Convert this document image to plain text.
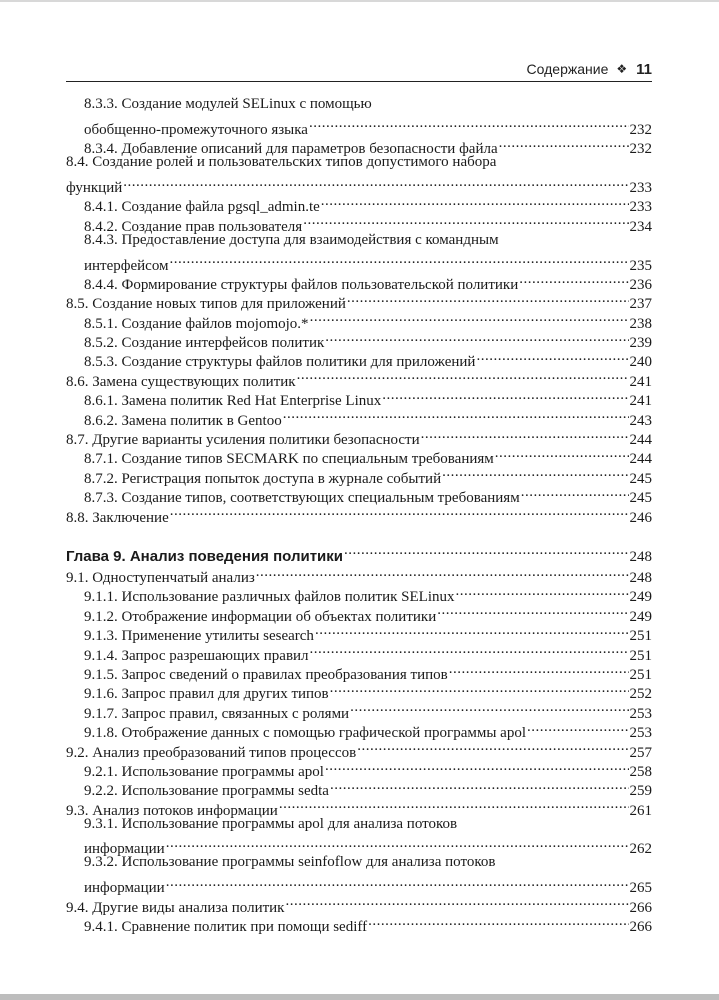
Содержание ❖ 11
8.3.3. Создание модулей SELinux с помощью
обобщенно-промежуточного языка .....	232
8.3.4. Добавление описаний для параметров безопасности файла .....	232
8.4. Создание ролей и пользовательских типов допустимого набора
функций .....	233
8.4.1. Создание файла pgsql_admin.te .....	233
8.4.2. Создание прав пользователя .....	234
8.4.3. Предоставление доступа для взаимодействия с командным
интерфейсом .....	235
8.4.4. Формирование структуры файлов пользовательской политики .....	236
8.5. Создание новых типов для приложений .....	237
8.5.1. Создание файлов mojomojo.* .....	238
8.5.2. Создание интерфейсов политик .....	239
8.5.3. Создание структуры файлов политики для приложений .....	240
8.6. Замена существующих политик .....	241
8.6.1. Замена политик Red Hat Enterprise Linux .....	241
8.6.2. Замена политик в Gentoo .....	243
8.7. Другие варианты усиления политики безопасности .....	244
8.7.1. Создание типов SECMARK по специальным требованиям .....	244
8.7.2. Регистрация попыток доступа в журнале событий .....	245
8.7.3. Создание типов, соответствующих специальным требованиям .....	245
8.8. Заключение .....	246
Глава 9. Анализ поведения политики .....	248
9.1. Одноступенчатый анализ .....	248
9.1.1. Использование различных файлов политик SELinux .....	249
9.1.2. Отображение информации об объектах политики .....	249
9.1.3. Применение утилиты sesearch .....	251
9.1.4. Запрос разрешающих правил .....	251
9.1.5. Запрос сведений о правилах преобразования типов .....	251
9.1.6. Запрос правил для других типов .....	252
9.1.7. Запрос правил, связанных с ролями .....	253
9.1.8. Отображение данных с помощью графической программы apol .....	253
9.2. Анализ преобразований типов процессов .....	257
9.2.1. Использование программы apol .....	258
9.2.2. Использование программы sedta .....	259
9.3. Анализ потоков информации .....	261
9.3.1. Использование программы apol для анализа потоков
информации .....	262
9.3.2. Использование программы seinfoflow для анализа потоков
информации .....	265
9.4. Другие виды анализа политик .....	266
9.4.1. Сравнение политик при помощи sediff .....	266
